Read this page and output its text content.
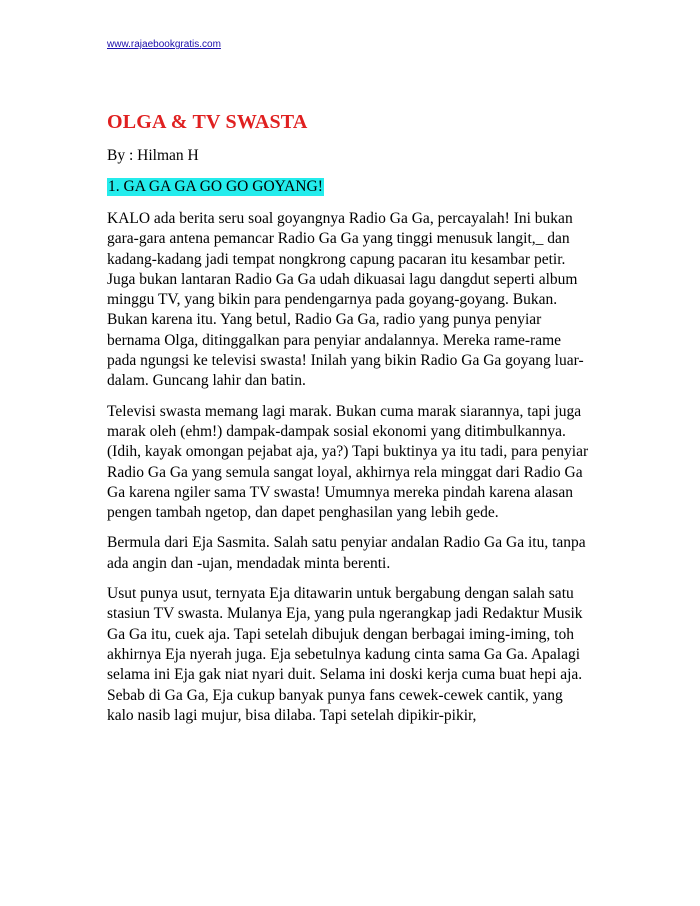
www.rajaebookgratis.com
OLGA & TV SWASTA
By : Hilman H
1. GA GA GA GO GO GOYANG!

KALO ada berita seru soal goyangnya Radio Ga Ga, percayalah! Ini bukan gara-gara antena pemancar Radio Ga Ga yang tinggi menusuk langit,_ dan kadang-kadang jadi tempat nongkrong capung pacaran itu kesambar petir. Juga bukan lantaran Radio Ga Ga udah dikuasai lagu dangdut seperti album minggu TV, yang bikin para pendengarnya pada goyang-goyang. Bukan. Bukan karena itu. Yang betul, Radio Ga Ga, radio yang punya penyiar bernama Olga, ditinggalkan para penyiar andalannya. Mereka rame-rame pada ngungsi ke televisi swasta! Inilah yang bikin Radio Ga Ga goyang luar-dalam. Guncang lahir dan batin.

Televisi swasta memang lagi marak. Bukan cuma marak siarannya, tapi juga marak oleh (ehm!) dampak-dampak sosial ekonomi yang ditimbulkannya. (Idih, kayak omongan pejabat aja, ya?) Tapi buktinya ya itu tadi, para penyiar Radio Ga Ga yang semula sangat loyal, akhirnya rela minggat dari Radio Ga Ga karena ngiler sama TV swasta! Umumnya mereka pindah karena alasan pengen tambah ngetop, dan dapet penghasilan yang lebih gede.

Bermula dari Eja Sasmita. Salah satu penyiar andalan Radio Ga Ga itu, tanpa ada angin dan -ujan, mendadak minta berenti.

Usut punya usut, ternyata Eja ditawarin untuk bergabung dengan salah satu stasiun TV swasta. Mulanya Eja, yang pula ngerangkap jadi Redaktur Musik Ga Ga itu, cuek aja. Tapi setelah dibujuk dengan berbagai iming-iming, toh akhirnya Eja nyerah juga. Eja sebetulnya kadung cinta sama Ga Ga. Apalagi selama ini Eja gak niat nyari duit. Selama ini doski kerja cuma buat hepi aja. Sebab di Ga Ga, Eja cukup banyak punya fans cewek-cewek cantik, yang kalo nasib lagi mujur, bisa dilaba. Tapi setelah dipikir-pikir,
